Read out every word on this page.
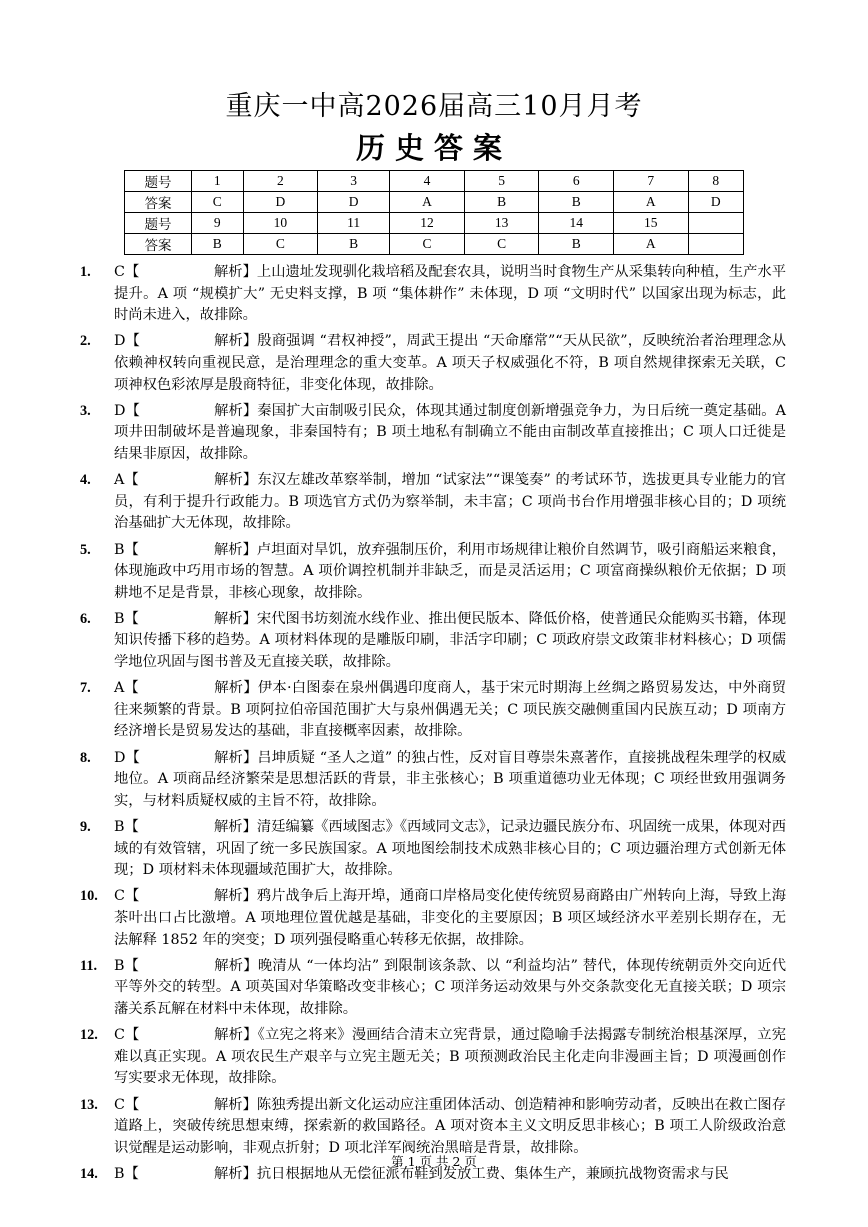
重庆一中高2026届高三10月月考
历史答案
题号	1	2	3	4	5	6	7	8
答案	C	D	D	A	B	B	A	D
题号	9	10	11	12	13	14	15	
答案	B	C	B	C	C	B	A	
1. C【	解析】上山遗址发现驯化栽培稻及配套农具，说明当时食物生产从采集转向种植，生产水平提升。A 项 “规模扩大” 无史料支撑，B 项 “集体耕作” 未体现，D 项 “文明时代” 以国家出现为标志，此时尚未进入，故排除。
2. D【	解析】殷商强调 “君权神授”，周武王提出 “天命靡常”“天从民欲”，反映统治者治理理念从依赖神权转向重视民意，是治理理念的重大变革。A 项天子权威强化不符，B 项自然规律探索无关联，C 项神权色彩浓厚是殷商特征，非变化体现，故排除。
3. D【	解析】秦国扩大亩制吸引民众，体现其通过制度创新增强竞争力，为日后统一奠定基础。A 项井田制破坏是普遍现象，非秦国特有；B 项土地私有制确立不能由亩制改革直接推出；C 项人口迁徙是结果非原因，故排除。
4. A【	解析】东汉左雄改革察举制，增加 “试家法”“课笺奏” 的考试环节，选拔更具专业能力的官员，有利于提升行政能力。B 项选官方式仍为察举制，未丰富；C 项尚书台作用增强非核心目的；D 项统治基础扩大无体现，故排除。
5. B【	解析】卢坦面对旱饥，放弃强制压价，利用市场规律让粮价自然调节，吸引商船运来粮食，体现施政中巧用市场的智慧。A 项价调控机制并非缺乏，而是灵活运用；C 项富商操纵粮价无依据；D 项耕地不足是背景，非核心现象，故排除。
6. B【	解析】宋代图书坊刻流水线作业、推出便民版本、降低价格，使普通民众能购买书籍，体现知识传播下移的趋势。A 项材料体现的是雕版印刷，非活字印刷；C 项政府崇文政策非材料核心；D 项儒学地位巩固与图书普及无直接关联，故排除。
7. A【	解析】伊本·白图泰在泉州偶遇印度商人，基于宋元时期海上丝绸之路贸易发达，中外商贸往来频繁的背景。B 项阿拉伯帝国范围扩大与泉州偶遇无关；C 项民族交融侧重国内民族互动；D 项南方经济增长是贸易发达的基础，非直接概率因素，故排除。
8. D【	解析】吕坤质疑 “圣人之道” 的独占性，反对盲目尊崇朱熹著作，直接挑战程朱理学的权威地位。A 项商品经济繁荣是思想活跃的背景，非主张核心；B 项重道德功业无体现；C 项经世致用强调务实，与材料质疑权威的主旨不符，故排除。
9. B【	解析】清廷编纂《西域图志》《西域同文志》，记录边疆民族分布、巩固统一成果，体现对西域的有效管辖，巩固了统一多民族国家。A 项地图绘制技术成熟非核心目的；C 项边疆治理方式创新无体现；D 项材料未体现疆域范围扩大，故排除。
10. C【	解析】鸦片战争后上海开埠，通商口岸格局变化使传统贸易商路由广州转向上海，导致上海茶叶出口占比激增。A 项地理位置优越是基础，非变化的主要原因；B 项区域经济水平差别长期存在，无法解释 1852 年的突变；D 项列强侵略重心转移无依据，故排除。
11. B【	解析】晚清从 “一体均沾” 到限制该条款、以 “利益均沾” 替代，体现传统朝贡外交向近代平等外交的转型。A 项英国对华策略改变非核心；C 项洋务运动效果与外交条款变化无直接关联；D 项宗藩关系瓦解在材料中未体现，故排除。
12. C【	解析】《立宪之将来》漫画结合清末立宪背景，通过隐喻手法揭露专制统治根基深厚，立宪难以真正实现。A 项农民生产艰辛与立宪主题无关；B 项预测政治民主化走向非漫画主旨；D 项漫画创作写实要求无体现，故排除。
13. C【	解析】陈独秀提出新文化运动应注重团体活动、创造精神和影响劳动者，反映出在救亡图存道路上，突破传统思想束缚，探索新的救国路径。A 项对资本主义文明反思非核心；B 项工人阶级政治意识觉醒是运动影响，非观点折射；D 项北洋军阀统治黑暗是背景，故排除。
14. B【	解析】抗日根据地从无偿征派布鞋到发放工费、集体生产，兼顾抗战物资需求与民
第 1 页 共 2 页
